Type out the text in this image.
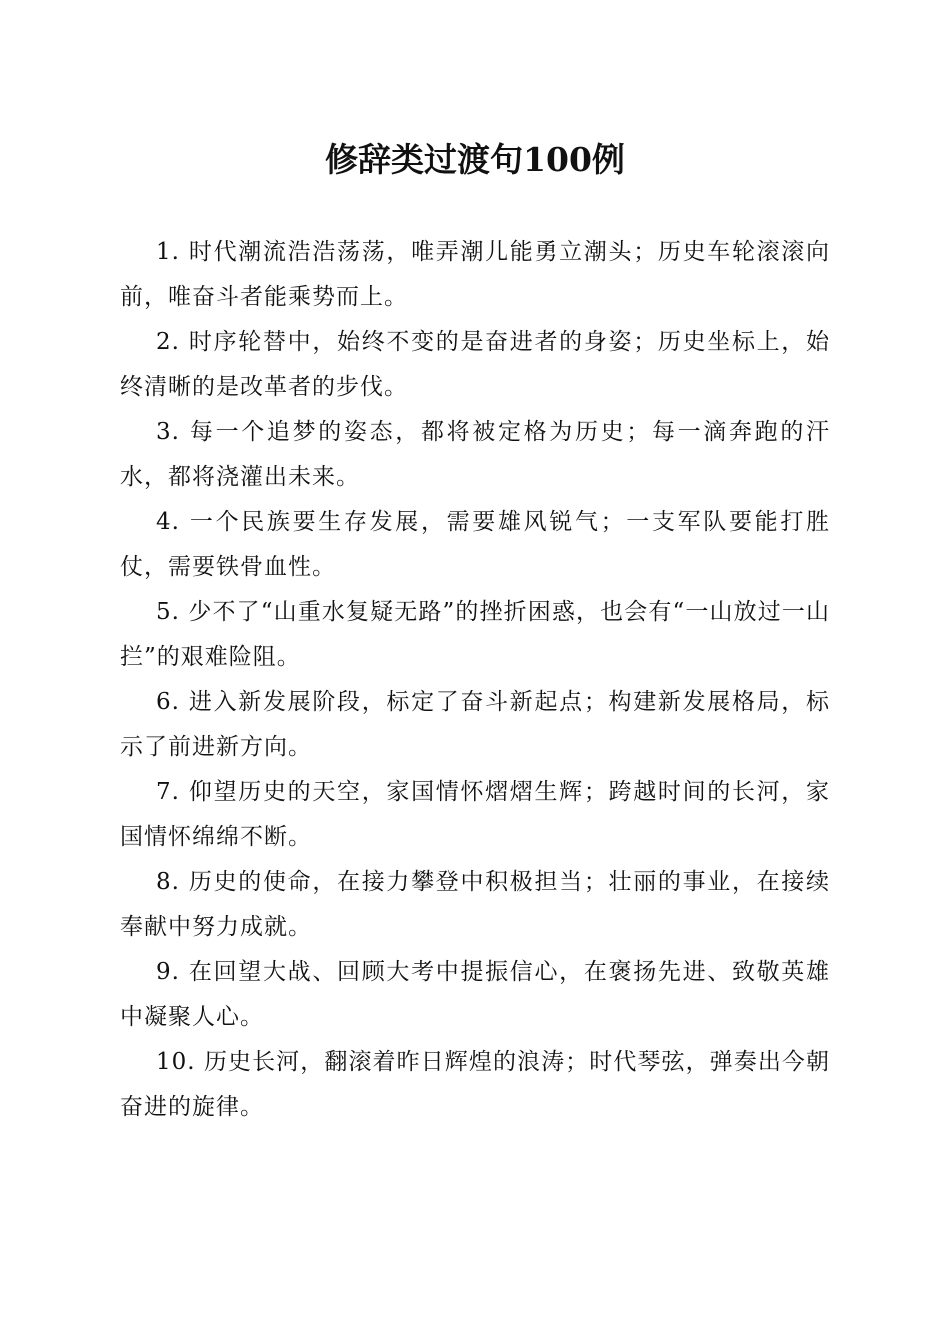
修辞类过渡句100例

1. 时代潮流浩浩荡荡，唯弄潮儿能勇立潮头；历史车轮滚滚向前，唯奋斗者能乘势而上。

2. 时序轮替中，始终不变的是奋进者的身姿；历史坐标上，始终清晰的是改革者的步伐。

3. 每一个追梦的姿态，都将被定格为历史；每一滴奔跑的汗水，都将浇灌出未来。

4. 一个民族要生存发展，需要雄风锐气；一支军队要能打胜仗，需要铁骨血性。

5. 少不了“山重水复疑无路”的挫折困惑，也会有“一山放过一山拦”的艰难险阻。

6. 进入新发展阶段，标定了奋斗新起点；构建新发展格局，标示了前进新方向。

7. 仰望历史的天空，家国情怀熠熠生辉；跨越时间的长河，家国情怀绵绵不断。

8. 历史的使命，在接力攀登中积极担当；壮丽的事业，在接续奉献中努力成就。

9. 在回望大战、回顾大考中提振信心，在褒扬先进、致敬英雄中凝聚人心。

10. 历史长河，翻滚着昨日辉煌的浪涛；时代琴弦，弹奏出今朝奋进的旋律。
